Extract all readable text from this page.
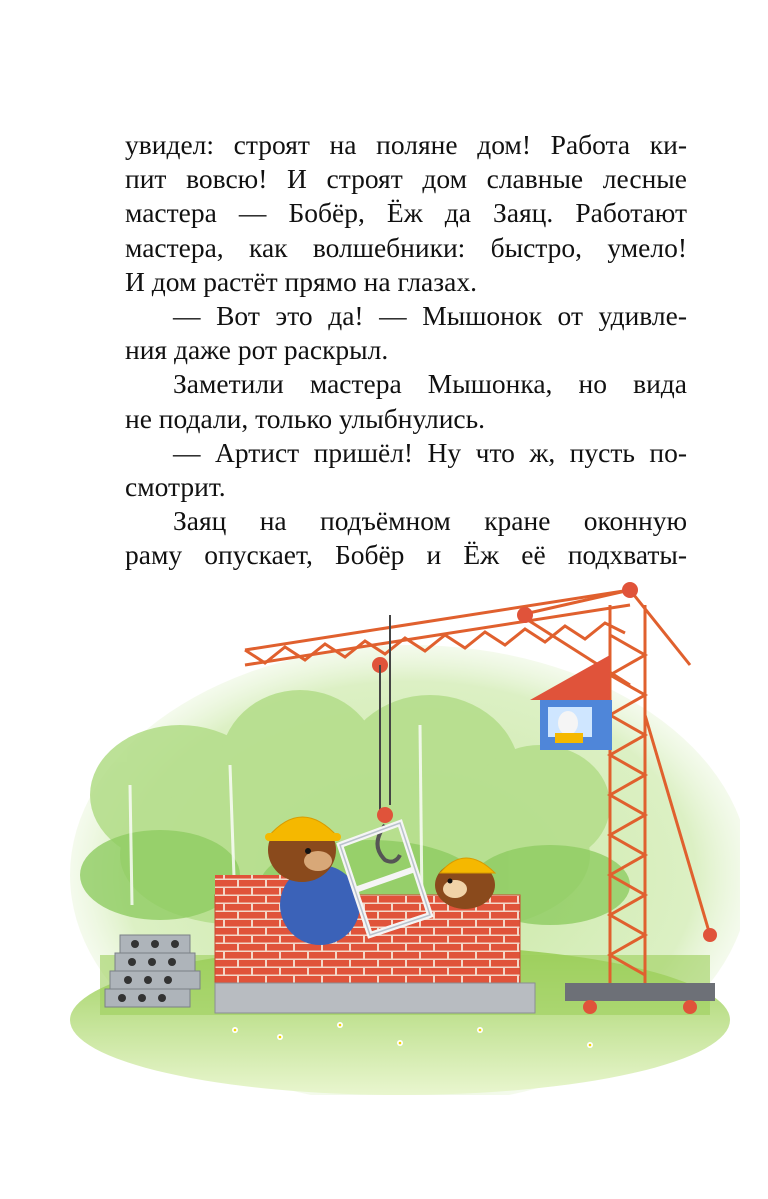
увидел: строят на поляне дом! Работа ки-
пит вовсю! И строят дом славные лесные
мастера — Бобёр, Ёж да Заяц. Работают
мастера, как волшебники: быстро, умело!
И дом растёт прямо на глазах.
— Вот это да! — Мышонок от удивле-
ния даже рот раскрыл.
Заметили мастера Мышонка, но вида
не подали, только улыбнулись.
— Артист пришёл! Ну что ж, пусть по-
смотрит.
Заяц на подъёмном кране оконную
раму опускает, Бобёр и Ёж её подхваты-
